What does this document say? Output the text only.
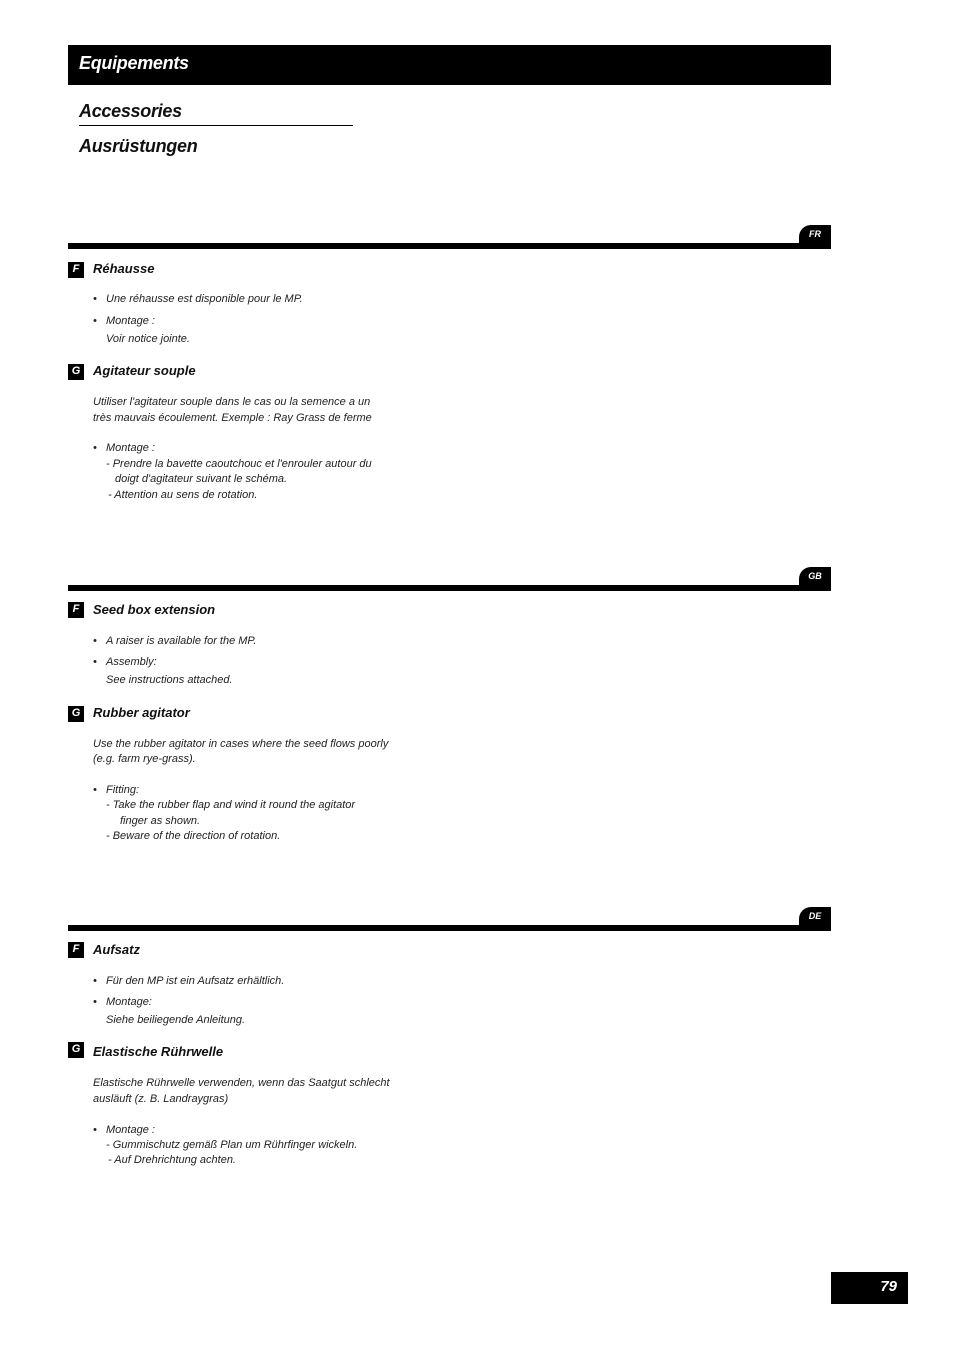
Equipements
Accessories
Ausrüstungen
FR
F	Réhausse
• Une réhausse est disponible pour le MP.
• Montage :
Voir notice jointe.
G Agitateur souple
Utiliser l'agitateur souple dans le cas ou la semence a un
très mauvais écoulement. Exemple : Ray Grass de ferme
• Montage :
- Prendre la bavette caoutchouc et l'enrouler autour du
doigt d'agitateur suivant le schéma.
- Attention au sens de rotation.
GB
F	Seed box extension
• A raiser is available for the MP.
• Assembly:
See instructions attached.
G Rubber agitator
Use the rubber agitator in cases where the seed flows poorly
(e.g. farm rye-grass).
• Fitting:
- Take the rubber flap and wind it round the agitator
finger as shown.
- Beware of the direction of rotation.
DE
F	Aufsatz
• Für den MP ist ein Aufsatz erhältlich.
• Montage:
Siehe beiliegende Anleitung.
G Elastische Rührwelle
Elastische Rührwelle verwenden, wenn das Saatgut schlecht
ausläuft (z. B. Landraygras)
• Montage :
- Gummischutz gemäß Plan um Rührfinger wickeln.
- Auf Drehrichtung achten.
79
